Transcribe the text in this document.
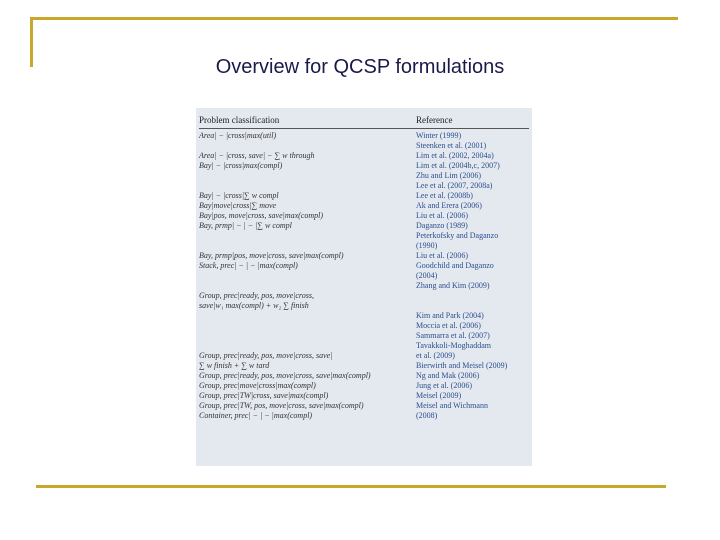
Overview for QCSP formulations
Problem classification	Reference
Area| − |cross|max(util)
Area| − |cross, save| − ∑ w through
Bay| − |cross|max(compl)
Bay| − |cross|∑ w compl
Bay|move|cross|∑ move
Bay|pos, move|cross, save|max(compl)
Bay, prmp| − | − |∑ w compl
Bay, prmp|pos, move|cross, save|max(compl)
Stack, prec| − | − |max(compl)
Group, prec|ready, pos, move|cross,
save|w₁ max(compl) + w₂ ∑ finish
Group, prec|ready, pos, move|cross, save|
∑ w finish + ∑ w tard
Group, prec|ready, pos, move|cross, save|max(compl)
Group, prec|move|cross|max(compl)
Group, prec|TW|cross, save|max(compl)
Group, prec|TW, pos, move|cross, save|max(compl)
Container, prec| − | − |max(compl)
Winter (1999)
Steenken et al. (2001)
Lim et al. (2002, 2004a)
Lim et al. (2004b,c, 2007)
Zhu and Lim (2006)
Lee et al. (2007, 2008a)
Lee et al. (2008b)
Ak and Erera (2006)
Liu et al. (2006)
Daganzo (1989)
Peterkofsky and Daganzo
(1990)
Liu et al. (2006)
Goodchild and Daganzo
(2004)
Zhang and Kim (2009)
Kim and Park (2004)
Moccia et al. (2006)
Sammarra et al. (2007)
Tavakkoli-Moghaddam
et al. (2009)
Bierwirth and Meisel (2009)
Ng and Mak (2006)
Jung et al. (2006)
Meisel (2009)
Meisel and Wichmann
(2008)
